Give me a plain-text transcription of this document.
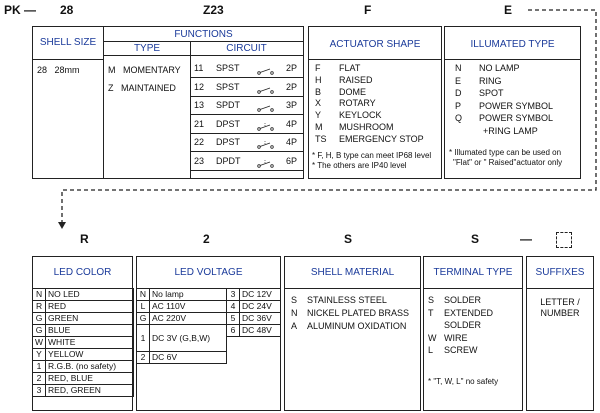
PK — 28	Z23	F	E
SHELL SIZE
28 28mm
FUNCTIONS
TYPE	CIRCUIT
M MOMENTARY
Z MAINTAINED
11 SPST	2P
12 SPST	2P
13 SPDT	3P
21 DPST	4P
22 DPST	4P
23 DPDT	6P
ACTUATOR SHAPE
F FLAT
H RAISED
B DOME
X ROTARY
Y KEYLOCK
M MUSHROOM
TS EMERGENCY STOP
* F, H, B type can meet IP68 level
* The others are IP40 level
ILLUMATED TYPE
N NO LAMP
E RING
D SPOT
P POWER SYMBOL
Q POWER SYMBOL
+RING LAMP
* Illumated type can be used on
"Flat" or " Raised"actuator only
R	2	S	S	—
LED COLOR
N	NO LED
R	RED
G	GREEN
G	BLUE
W	WHITE
Y	YELLOW
1	R.G.B. (no safety)
2	RED, BLUE
3	RED, GREEN
LED VOLTAGE
N	No lamp
L	AC 110V
G	AC 220V
1	DC 3V (G,B,W)
2	DC 6V
3	DC 12V
4	DC 24V
5	DC 36V
6	DC 48V
SHELL MATERIAL
S STAINLESS STEEL
N NICKEL PLATED BRASS
A ALUMINUM OXIDATION
TERMINAL TYPE
S SOLDER
T EXTENDED
SOLDER
W WIRE
L SCREW
* "T, W, L" no safety
SUFFIXES
LETTER /
NUMBER
